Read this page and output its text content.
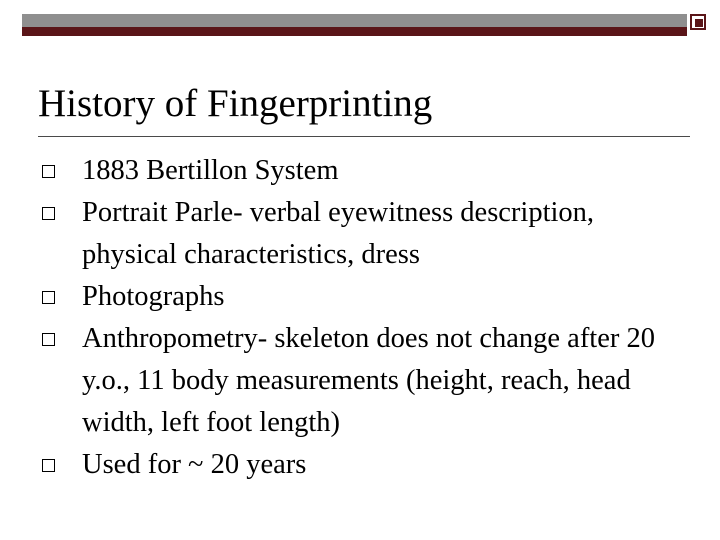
History of Fingerprinting
1883 Bertillon System
Portrait Parle- verbal eyewitness description, physical characteristics, dress
Photographs
Anthropometry- skeleton does not change after 20 y.o., 11 body measurements (height, reach, head width, left foot length)
Used for ~ 20 years
